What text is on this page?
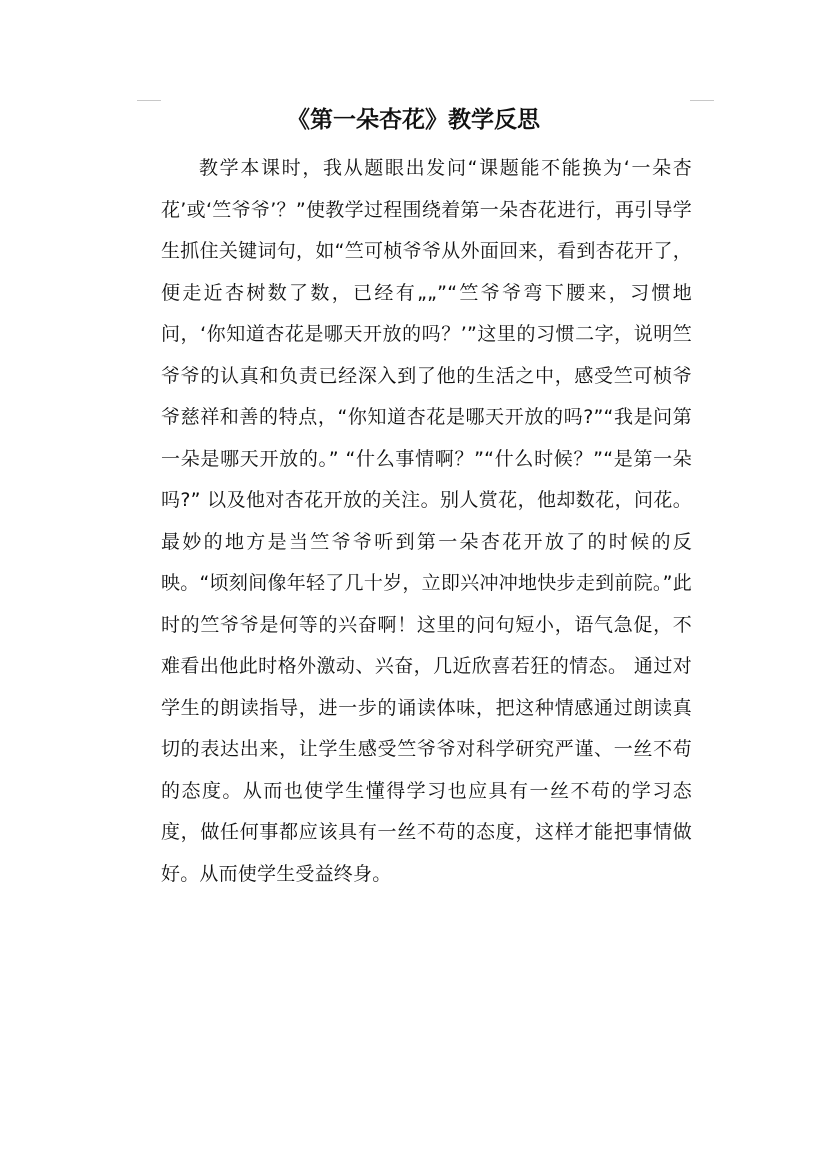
《第一朵杏花》教学反思

教学本课时，我从题眼出发问“课题能不能换为‘一朵杏花’或‘竺爷爷’？”使教学过程围绕着第一朵杏花进行，再引导学生抓住关键词句，如“竺可桢爷爷从外面回来，看到杏花开了，便走近杏树数了数，已经有„„”“竺爷爷弯下腰来，习惯地问，‘你知道杏花是哪天开放的吗？’”这里的习惯二字，说明竺爷爷的认真和负责已经深入到了他的生活之中，感受竺可桢爷爷慈祥和善的特点，“你知道杏花是哪天开放的吗?”“我是问第一朵是哪天开放的。” “什么事情啊？”“什么时候？”“是第一朵吗?” 以及他对杏花开放的关注。别人赏花，他却数花，问花。最妙的地方是当竺爷爷听到第一朵杏花开放了的时候的反映。“顷刻间像年轻了几十岁，立即兴冲冲地快步走到前院。”此时的竺爷爷是何等的兴奋啊！这里的问句短小，语气急促，不难看出他此时格外激动、兴奋，几近欣喜若狂的情态。 通过对学生的朗读指导，进一步的诵读体味，把这种情感通过朗读真切的表达出来，让学生感受竺爷爷对科学研究严谨、一丝不苟的态度。从而也使学生懂得学习也应具有一丝不苟的学习态度，做任何事都应该具有一丝不苟的态度，这样才能把事情做好。从而使学生受益终身。
